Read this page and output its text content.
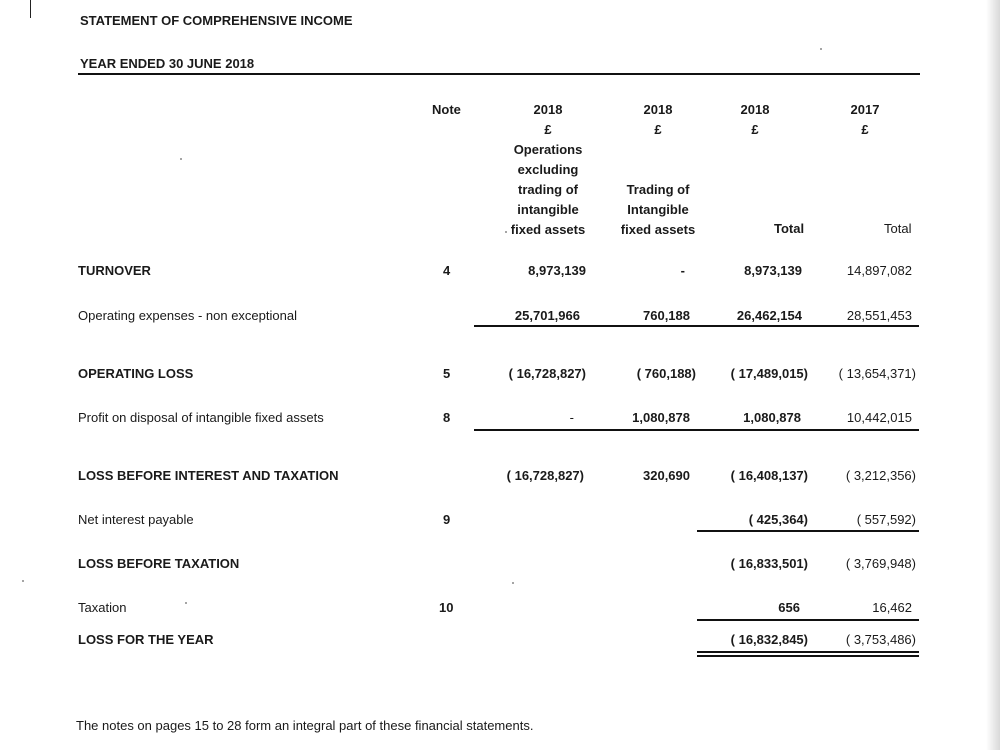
STATEMENT OF COMPREHENSIVE INCOME
YEAR ENDED 30 JUNE 2018
Note	2018
£
Operations
excluding
trading of
intangible
fixed assets
2018
£
Trading of
Intangible
fixed assets
2018
£
Total
2017
£
Total
TURNOVER
Operating expenses - non exceptional
OPERATING LOSS
Profit on disposal of intangible fixed assets
LOSS BEFORE INTEREST AND TAXATION
Net interest payable
LOSS BEFORE TAXATION
Taxation
LOSS FOR THE YEAR
4
5
8
9
10
8,973,139
25,701,966
( 16,728,827)
-
( 16,728,827)
-
760,188
( 760,188)
1,080,878
320,690
8,973,139
26,462,154
( 17,489,015)
1,080,878
( 16,408,137)
( 425,364)
( 16,833,501)
656
( 16,832,845)
14,897,082
28,551,453
( 13,654,371)
10,442,015
( 3,212,356)
( 557,592)
( 3,769,948)
16,462
( 3,753,486)
The notes on pages 15 to 28 form an integral part of these financial statements.
